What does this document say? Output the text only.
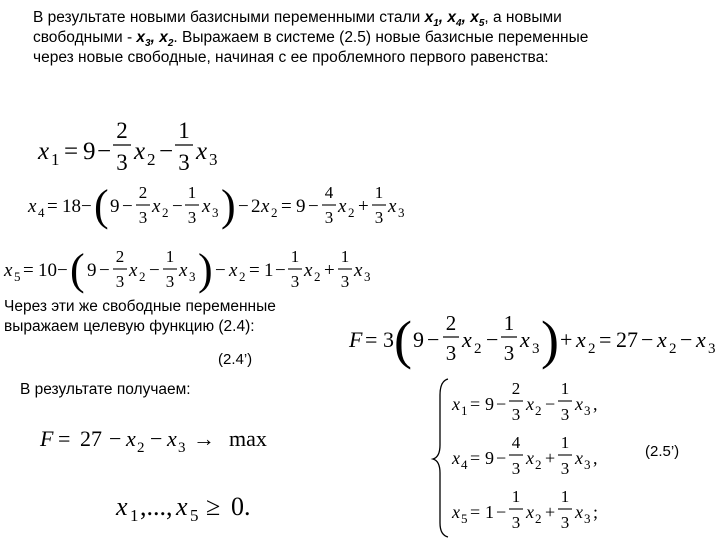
В результате новыми базисными переменными стали $x_1$, $x_4$, $x_5$, а новыми
свободными - $x_3$, $x_2$. Выражаем в системе (2.5) новые базисные переменные
через новые свободные, начиная с ее проблемного первого равенства:
x 1 = 9 −
2
3 x 2 −
1
3 x 3
x 4 = 18 − ( 9 −
2
3
x 2 −
1
3
x 3 ) − 2 x 2 = 9 −
4
3
x 2 +
1
3
x 3
x 5 = 10 − ( 9 −
2
3
x 2 −
1
3
x 3 ) − x 2 = 1 −
1
3
x 2 +
1
3
x 3
Через эти же свободные переменные
выражаем целевую функцию (2.4):
F = 3 ( 9 −
2
3
x 2 −
1
3
x 3 ) + x 2 = 27 − x 2 − x 3
(2.4’)
В результате получаем:
F = 27 − x 2 − x 3 → max
x 1 ,..., x 5 ≥ 0.
x 1 = 9 −
2
3
x 2 −
1
3
x 3 ,
x 4 = 9 −
4
3
x 2 +
1
3
x 3 ,
x 5 = 1 −
1
3
x 2 +
1
3
x 3 ;
(2.5’)
